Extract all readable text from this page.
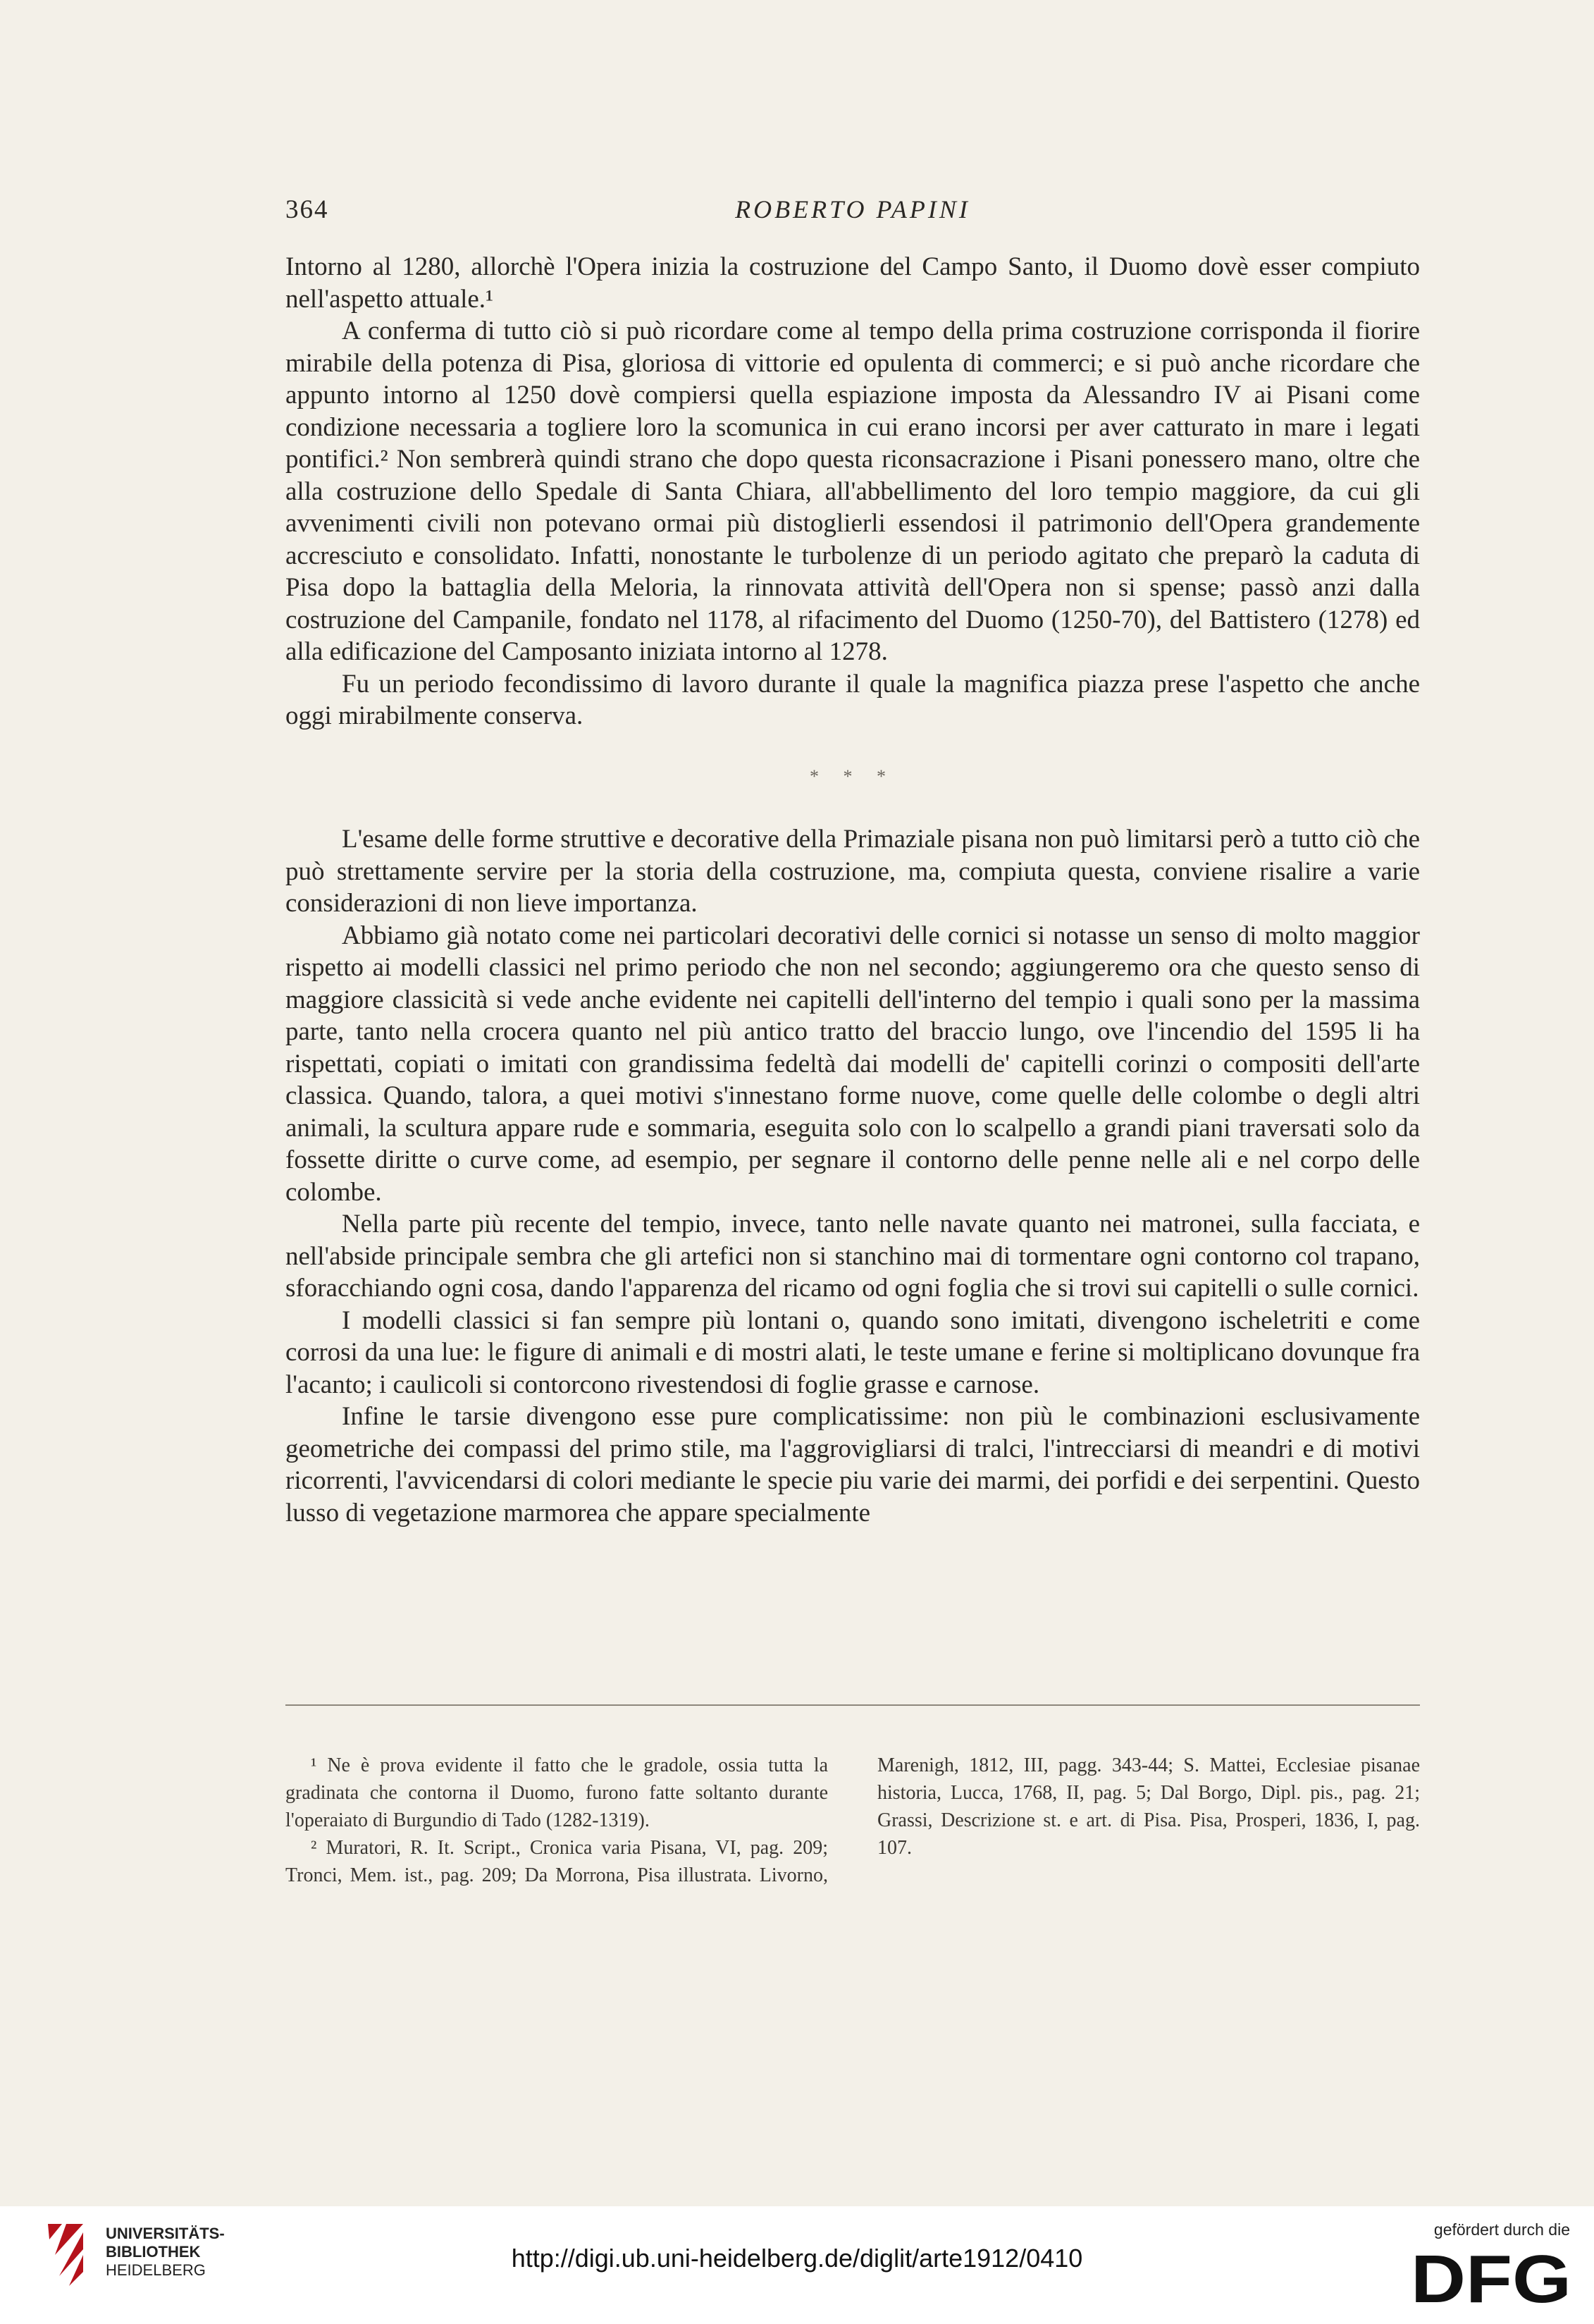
364	ROBERTO PAPINI

Intorno al 1280, allorchè l'Opera inizia la costruzione del Campo Santo, il Duomo dovè esser compiuto nell'aspetto attuale.¹

A conferma di tutto ciò si può ricordare come al tempo della prima costruzione corrisponda il fiorire mirabile della potenza di Pisa, gloriosa di vittorie ed opulenta di commerci; e si può anche ricordare che appunto intorno al 1250 dovè compiersi quella espiazione imposta da Alessandro IV ai Pisani come condizione necessaria a togliere loro la scomunica in cui erano incorsi per aver catturato in mare i legati pontifici.² Non sembrerà quindi strano che dopo questa riconsacrazione i Pisani ponessero mano, oltre che alla costruzione dello Spedale di Santa Chiara, all'abbellimento del loro tempio maggiore, da cui gli avvenimenti civili non potevano ormai più distoglierli essendosi il patrimonio dell'Opera grandemente accresciuto e consolidato. Infatti, nonostante le turbolenze di un periodo agitato che preparò la caduta di Pisa dopo la battaglia della Meloria, la rinnovata attività dell'Opera non si spense; passò anzi dalla costruzione del Campanile, fondato nel 1178, al rifacimento del Duomo (1250-70), del Battistero (1278) ed alla edificazione del Camposanto iniziata intorno al 1278.

Fu un periodo fecondissimo di lavoro durante il quale la magnifica piazza prese l'aspetto che anche oggi mirabilmente conserva.

* * *

L'esame delle forme struttive e decorative della Primaziale pisana non può limitarsi però a tutto ciò che può strettamente servire per la storia della costruzione, ma, compiuta questa, conviene risalire a varie considerazioni di non lieve importanza.

Abbiamo già notato come nei particolari decorativi delle cornici si notasse un senso di molto maggior rispetto ai modelli classici nel primo periodo che non nel secondo; aggiungeremo ora che questo senso di maggiore classicità si vede anche evidente nei capitelli dell'interno del tempio i quali sono per la massima parte, tanto nella crocera quanto nel più antico tratto del braccio lungo, ove l'incendio del 1595 li ha rispettati, copiati o imitati con grandissima fedeltà dai modelli de' capitelli corinzi o compositi dell'arte classica. Quando, talora, a quei motivi s'innestano forme nuove, come quelle delle colombe o degli altri animali, la scultura appare rude e sommaria, eseguita solo con lo scalpello a grandi piani traversati solo da fossette diritte o curve come, ad esempio, per segnare il contorno delle penne nelle ali e nel corpo delle colombe.

Nella parte più recente del tempio, invece, tanto nelle navate quanto nei matronei, sulla facciata, e nell'abside principale sembra che gli artefici non si stanchino mai di tormentare ogni contorno col trapano, sforacchiando ogni cosa, dando l'apparenza del ricamo od ogni foglia che si trovi sui capitelli o sulle cornici.

I modelli classici si fan sempre più lontani o, quando sono imitati, divengono ischeletriti e come corrosi da una lue: le figure di animali e di mostri alati, le teste umane e ferine si moltiplicano dovunque fra l'acanto; i caulicoli si contorcono rivestendosi di foglie grasse e carnose.

Infine le tarsie divengono esse pure complicatissime: non più le combinazioni esclusivamente geometriche dei compassi del primo stile, ma l'aggrovigliarsi di tralci, l'intrecciarsi di meandri e di motivi ricorrenti, l'avvicendarsi di colori mediante le specie piu varie dei marmi, dei porfidi e dei serpentini. Questo lusso di vegetazione marmorea che appare specialmente

¹ Ne è prova evidente il fatto che le gradole, ossia tutta la gradinata che contorna il Duomo, furono fatte soltanto durante l'operaiato di Burgundio di Tado (1282-1319).

² Muratori, R. It. Script., Cronica varia Pisana, VI, pag. 209; Tronci, Mem. ist., pag. 209; Da Morrona, Pisa illustrata. Livorno, Marenigh, 1812, III, pagg. 343-44; S. Mattei, Ecclesiae pisanae historia, Lucca, 1768, II, pag. 5; Dal Borgo, Dipl. pis., pag. 21; Grassi, Descrizione st. e art. di Pisa. Pisa, Prosperi, 1836, I, pag. 107.

UNIVERSITÄTS-
BIBLIOTHEK
HEIDELBERG	http://digi.ub.uni-heidelberg.de/diglit/arte1912/0410
gefördert durch die
DFG
